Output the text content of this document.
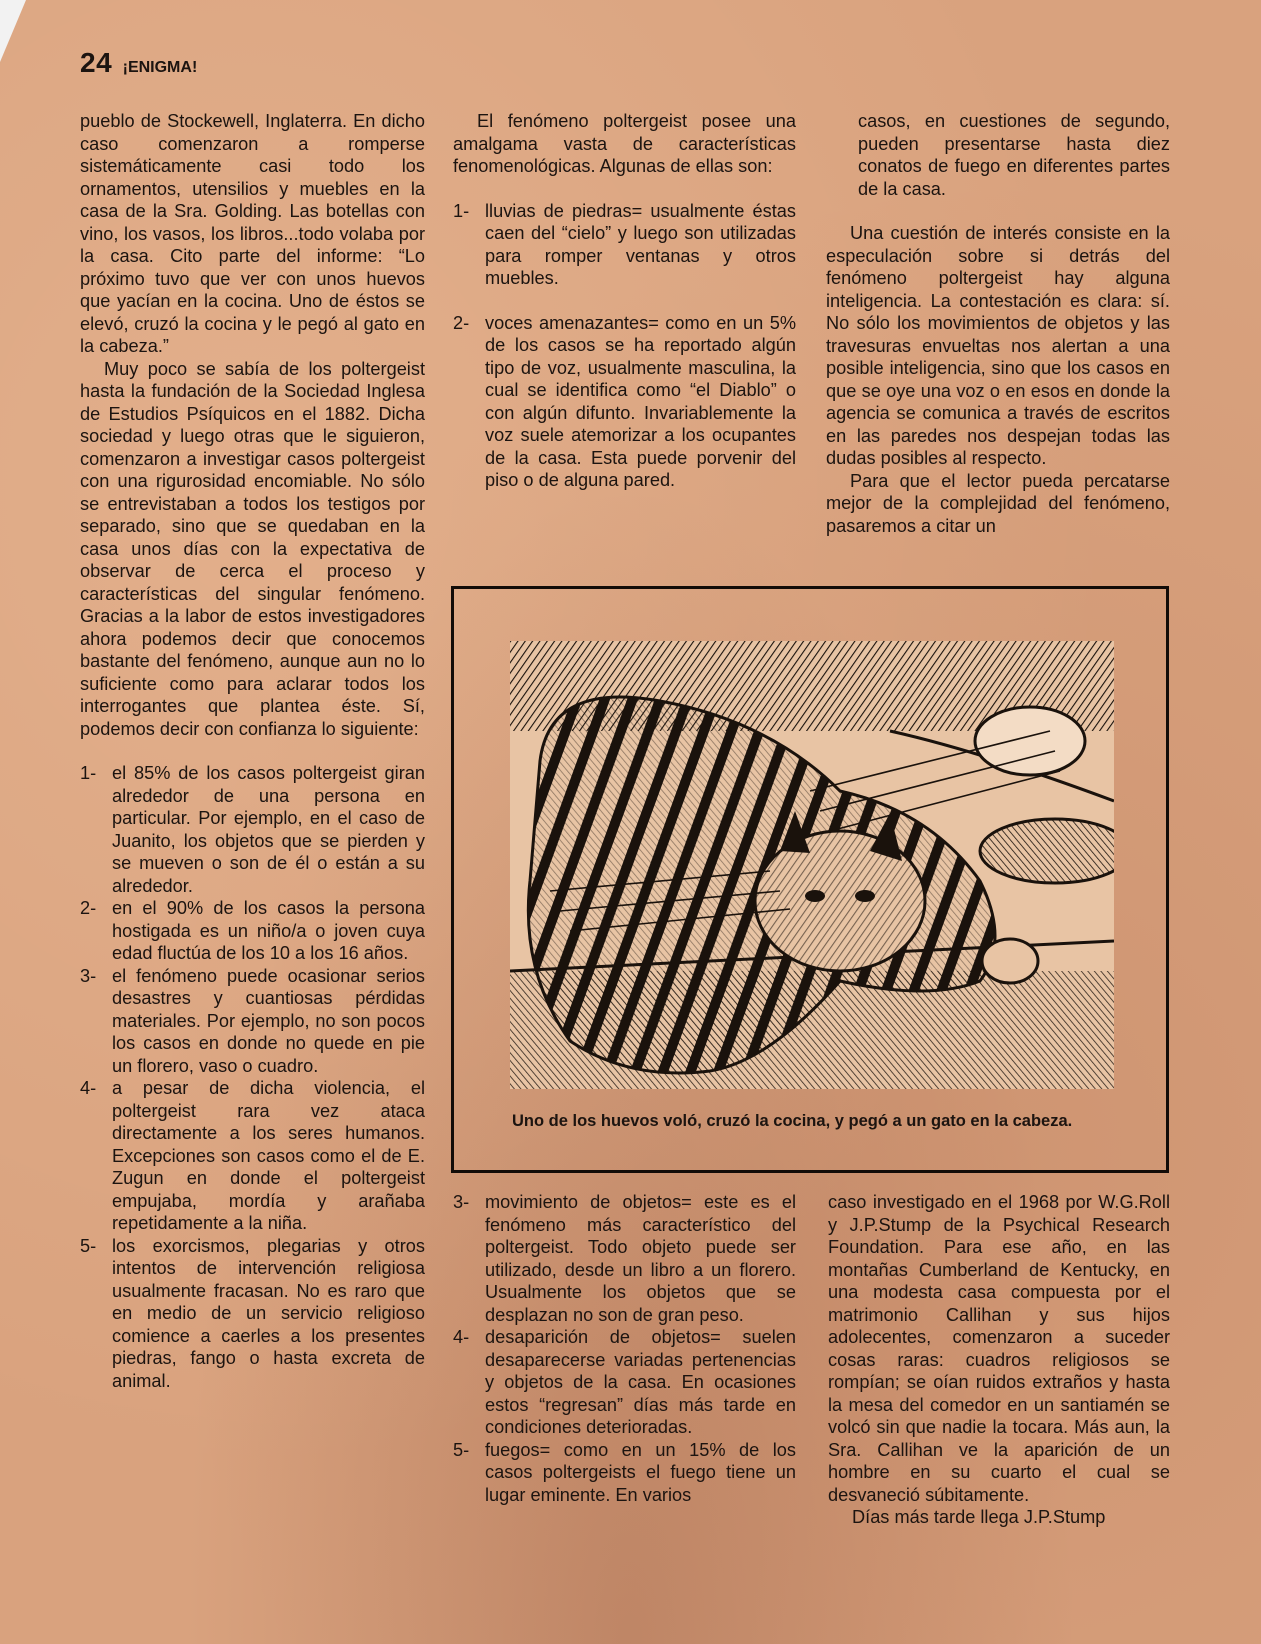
24 ¡ENIGMA!

pueblo de Stockewell, Inglaterra. En dicho caso comenzaron a romperse sistemáticamente casi todo los ornamentos, utensilios y muebles en la casa de la Sra. Golding. Las botellas con vino, los vasos, los libros...todo volaba por la casa. Cito parte del informe: “Lo próximo tuvo que ver con unos huevos que yacían en la cocina. Uno de éstos se elevó, cruzó la cocina y le pegó al gato en la cabeza.”

Muy poco se sabía de los poltergeist hasta la fundación de la Sociedad Inglesa de Estudios Psíquicos en el 1882. Dicha sociedad y luego otras que le siguieron, comenzaron a investigar casos poltergeist con una rigurosidad encomiable. No sólo se entrevistaban a todos los testigos por separado, sino que se quedaban en la casa unos días con la expectativa de observar de cerca el proceso y características del singular fenómeno. Gracias a la labor de estos investigadores ahora podemos decir que conocemos bastante del fenómeno, aunque aun no lo suficiente como para aclarar todos los interrogantes que plantea éste. Sí, podemos decir con confianza lo siguiente:

1- el 85% de los casos poltergeist giran alrededor de una persona en particular. Por ejemplo, en el caso de Juanito, los objetos que se pierden y se mueven o son de él o están a su alrededor.
2- en el 90% de los casos la persona hostigada es un niño/a o joven cuya edad fluctúa de los 10 a los 16 años.
3- el fenómeno puede ocasionar serios desastres y cuantiosas pérdidas materiales. Por ejemplo, no son pocos los casos en donde no quede en pie un florero, vaso o cuadro.
4- a pesar de dicha violencia, el poltergeist rara vez ataca directamente a los seres humanos. Excepciones son casos como el de E. Zugun en donde el poltergeist empujaba, mordía y arañaba repetidamente a la niña.
5- los exorcismos, plegarias y otros intentos de intervención religiosa usualmente fracasan. No es raro que en medio de un servicio religioso comience a caerles a los presentes piedras, fango o hasta excreta de animal.

El fenómeno poltergeist posee una amalgama vasta de características fenomenológicas. Algunas de ellas son:

1- lluvias de piedras= usualmente éstas caen del “cielo” y luego son utilizadas para romper ventanas y otros muebles.
2- voces amenazantes= como en un 5% de los casos se ha reportado algún tipo de voz, usualmente masculina, la cual se identifica como “el Diablo” o con algún difunto. Invariablemente la voz suele atemorizar a los ocupantes de la casa. Esta puede porvenir del piso o de alguna pared.

casos, en cuestiones de segundo, pueden presentarse hasta diez conatos de fuego en diferentes partes de la casa.

Una cuestión de interés consiste en la especulación sobre si detrás del fenómeno poltergeist hay alguna inteligencia. La contestación es clara: sí. No sólo los movimientos de objetos y las travesuras envueltas nos alertan a una posible inteligencia, sino que los casos en que se oye una voz o en esos en donde la agencia se comunica a través de escritos en las paredes nos despejan todas las dudas posibles al respecto.

Para que el lector pueda percatarse mejor de la complejidad del fenómeno, pasaremos a citar un

Uno de los huevos voló, cruzó la cocina, y pegó a un gato en la cabeza.
3- movimiento de objetos= este es el fenómeno más característico del poltergeist. Todo objeto puede ser utilizado, desde un libro a un florero. Usualmente los objetos que se desplazan no son de gran peso.
4- desaparición de objetos= suelen desaparecerse variadas pertenencias y objetos de la casa. En ocasiones estos “regresan” días más tarde en condiciones deterioradas.
5- fuegos= como en un 15% de los casos poltergeists el fuego tiene un lugar eminente. En varios

caso investigado en el 1968 por W.G.Roll y J.P.Stump de la Psychical Research Foundation. Para ese año, en las montañas Cumberland de Kentucky, en una modesta casa compuesta por el matrimonio Callihan y sus hijos adolecentes, comenzaron a suceder cosas raras: cuadros religiosos se rompían; se oían ruidos extraños y hasta la mesa del comedor en un santiamén se volcó sin que nadie la tocara. Más aun, la Sra. Callihan ve la aparición de un hombre en su cuarto el cual se desvaneció súbitamente.

Días más tarde llega J.P.Stump
